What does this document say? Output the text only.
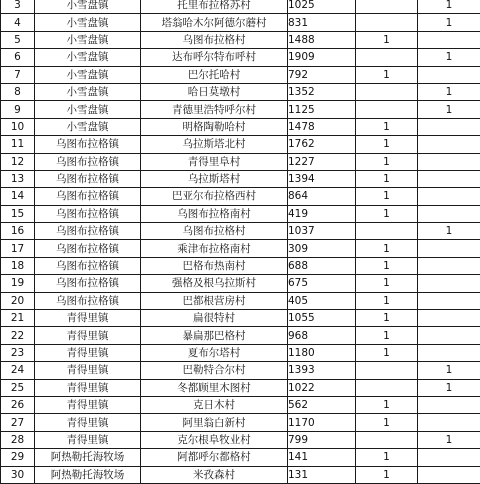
3	小雪盘镇	托里布拉格苏村	1025		1
4	小雪盘镇	塔翁哈木尔阿德尔蘑村	831		1
5	小雪盘镇	乌图布拉格村	1488	1	
6	小雪盘镇	达布呼尔特布呼村	1909		1
7	小雪盘镇	巴尔托哈村	792	1	
8	小雪盘镇	哈日莫墩村	1352		1
9	小雪盘镇	青德里浩特呼尔村	1125		1
10	小雪盘镇	明格陶勒哈村	1478	1	
11	乌图布拉格镇	乌拉斯塔北村	1762	1	
12	乌图布拉格镇	青得里阜村	1227	1	
13	乌图布拉格镇	乌拉斯塔村	1394	1	
14	乌图布拉格镇	巴亚尔布拉格西村	864	1	
15	乌图布拉格镇	乌图布拉格南村	419	1	
16	乌图布拉格镇	乌图布拉格村	1037		1
17	乌图布拉格镇	乘津布拉格南村	309	1	
18	乌图布拉格镇	巴格布热南村	688	1	
19	乌图布拉格镇	强格及根乌拉斯村	675	1	
20	乌图布拉格镇	巴都根营房村	405	1	
21	青得里镇	扁很特村	1055	1	
22	青得里镇	暴扁那巴格村	968	1	
23	青得里镇	夏布尔塔村	1180	1	
24	青得里镇	巴勒特合尔村	1393		1
25	青得里镇	冬都顾里木图村	1022		1
26	青得里镇	克日木村	562	1	
27	青得里镇	阿里翁白新村	1170	1	
28	青得里镇	克尔根阜牧业村	799		1
29	阿热勒托海牧场	阿都呼尔都格村	141	1	
30	阿热勒托海牧场	米孜森村	131	1	
